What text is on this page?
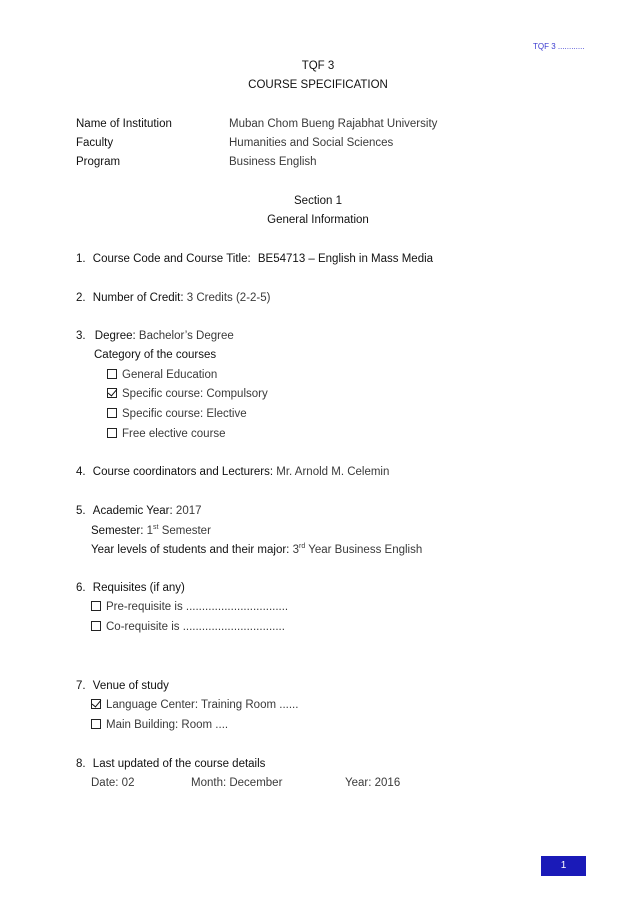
TQF 3 ............
TQF 3
COURSE SPECIFICATION
Name of Institution	Muban Chom Bueng Rajabhat University
Faculty	Humanities and Social Sciences
Program	Business English
Section 1
General Information
1. Course Code and Course Title: BE54713 – English in Mass Media
2. Number of Credit: 3 Credits (2-2-5)
3. Degree: Bachelor’s Degree
Category of the courses
General Education
Specific course: Compulsory
Specific course: Elective
Free elective course
4. Course coordinators and Lecturers: Mr. Arnold M. Celemin
5. Academic Year: 2017
Semester: 1st Semester
Year levels of students and their major: 3rd Year Business English
6. Requisites (if any)
Pre-requisite is ................................
Co-requisite is ................................
7. Venue of study
Language Center: Training Room ......
Main Building: Room ....
8. Last updated of the course details
Date: 02	Month: December	Year: 2016
1
